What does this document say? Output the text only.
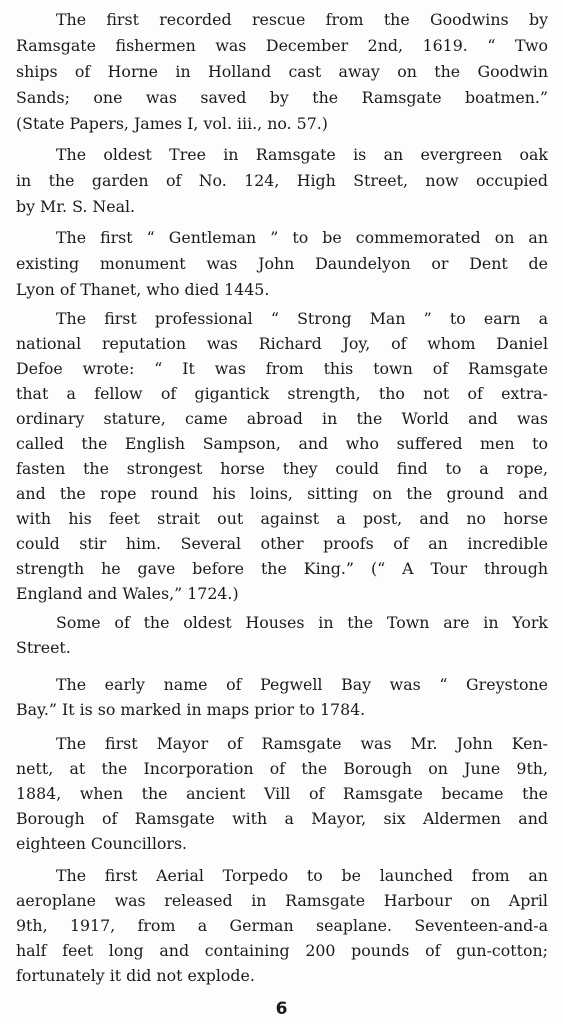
The first recorded rescue from the Goodwins by
Ramsgate fishermen was December 2nd, 1619. “ Two
ships of Horne in Holland cast away on the Goodwin
Sands; one was saved by the Ramsgate boatmen.”
(State Papers, James I, vol. iii., no. 57.)
The oldest Tree in Ramsgate is an evergreen oak
in the garden of No. 124, High Street, now occupied
by Mr. S. Neal.
The first “ Gentleman ” to be commemorated on an
existing monument was John Daundelyon or Dent de
Lyon of Thanet, who died 1445.
The first professional “ Strong Man ” to earn a
national reputation was Richard Joy, of whom Daniel
Defoe wrote: “ It was from this town of Ramsgate
that a fellow of gigantick strength, tho not of extra-
ordinary stature, came abroad in the World and was
called the English Sampson, and who suffered men to
fasten the strongest horse they could find to a rope,
and the rope round his loins, sitting on the ground and
with his feet strait out against a post, and no horse
could stir him. Several other proofs of an incredible
strength he gave before the King.” (“ A Tour through
England and Wales,” 1724.)
Some of the oldest Houses in the Town are in York
Street.
The early name of Pegwell Bay was “ Greystone
Bay.” It is so marked in maps prior to 1784.
The first Mayor of Ramsgate was Mr. John Ken-
nett, at the Incorporation of the Borough on June 9th,
1884, when the ancient Vill of Ramsgate became the
Borough of Ramsgate with a Mayor, six Aldermen and
eighteen Councillors.
The first Aerial Torpedo to be launched from an
aeroplane was released in Ramsgate Harbour on April
9th, 1917, from a German seaplane. Seventeen-and-a
half feet long and containing 200 pounds of gun-cotton;
fortunately it did not explode.
6
